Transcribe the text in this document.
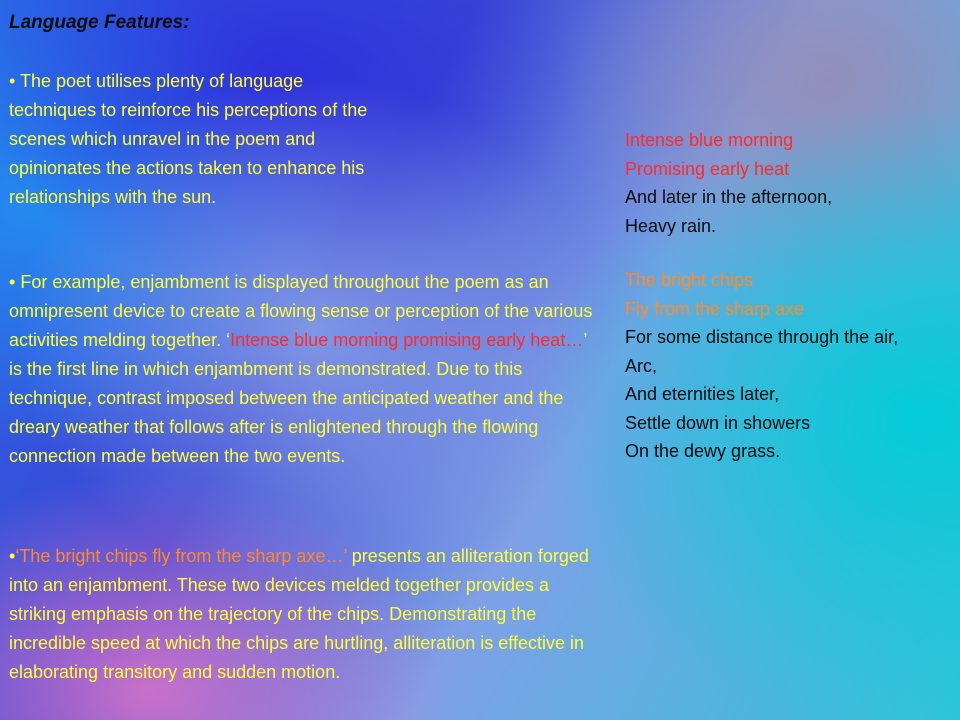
Language Features:

• The poet utilises plenty of language techniques to reinforce his perceptions of the scenes which unravel in the poem and opinionates the actions taken to enhance his relationships with the sun.

• For example, enjambment is displayed throughout the poem as an omnipresent device to create a flowing sense or perception of the various activities melding together. ‘Intense blue morning promising early heat…’ is the first line in which enjambment is demonstrated. Due to this technique, contrast imposed between the anticipated weather and the dreary weather that follows after is enlightened through the flowing connection made between the two events.

•‘The bright chips fly from the sharp axe…’ presents an alliteration forged into an enjambment. These two devices melded together provides a striking emphasis on the trajectory of the chips. Demonstrating the incredible speed at which the chips are hurtling, alliteration is effective in elaborating transitory and sudden motion.

Intense blue morning
Promising early heat
And later in the afternoon,
Heavy rain.
The bright chips
Fly from the sharp axe
For some distance through the air,
Arc,
And eternities later,
Settle down in showers
On the dewy grass.
